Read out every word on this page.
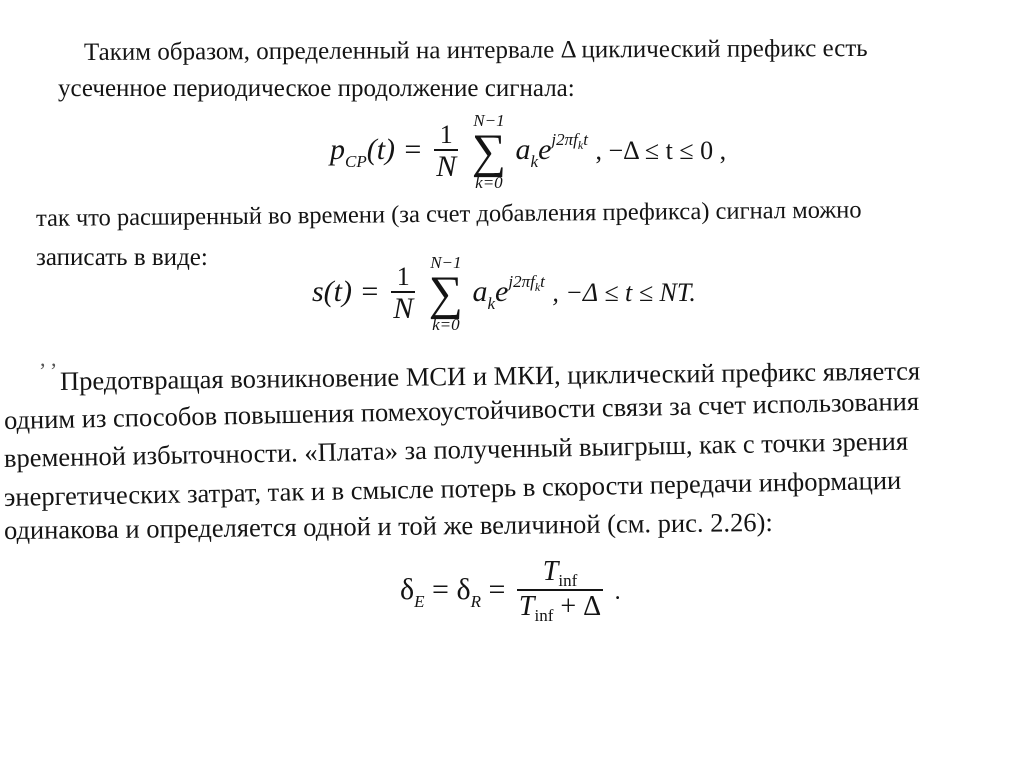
Таким образом, определенный на интервале Δ циклический префикс есть
усеченное периодическое продолжение сигнала:
$p_{CP}(t) = \frac{1}{N}$

N−1
∑
k=0
$a_ke^{j2\pi fkt}$ , −Δ ≤ t ≤ 0 ,
так что расширенный во времени (за счет добавления префикса) сигнал можно
записать в виде:
$s(t) = \frac{1}{N}$

N−1
∑
k=0
$a_ke^{j2\pi fkt}$ , −Δ ≤ t ≤ NT.
, , Предотвращая возникновение МСИ и МКИ, циклический префикс является
одним из способов повышения помехоустойчивости связи за счет использования
временной избыточности. «Плата» за полученный выигрыш, как с точки зрения
энергетических затрат, так и в смысле потерь в скорости передачи информации
одинакова и определяется одной и той же величиной (см. рис. 2.26):
$\delta_E = \delta_R = \frac{T_{inf}}{T_{inf} + \Delta}$ .
